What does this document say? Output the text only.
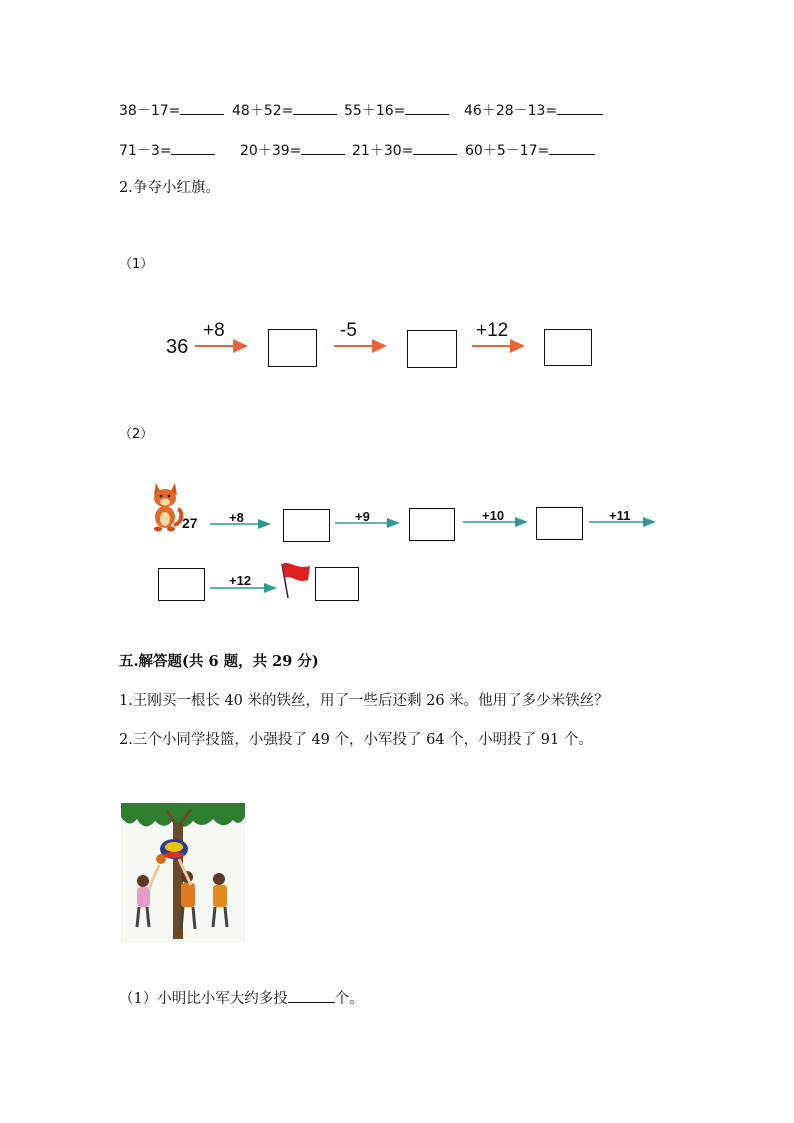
38－17=	48＋52=	55＋16=	46＋28－13=
71－3=	20＋39=	21＋30=	60＋5－17=
2.争夺小红旗。
（1）
36
+8	-5	+12
（2）
27 +8	+9	+10	+11
+12
五.解答题(共 6 题，共 29 分)
1.王刚买一根长 40 米的铁丝，用了一些后还剩 26 米。他用了多少米铁丝？
2.三个小同学投篮，小强投了 49 个，小军投了 64 个，小明投了 91 个。
（1）小明比小军大约多投	个。
